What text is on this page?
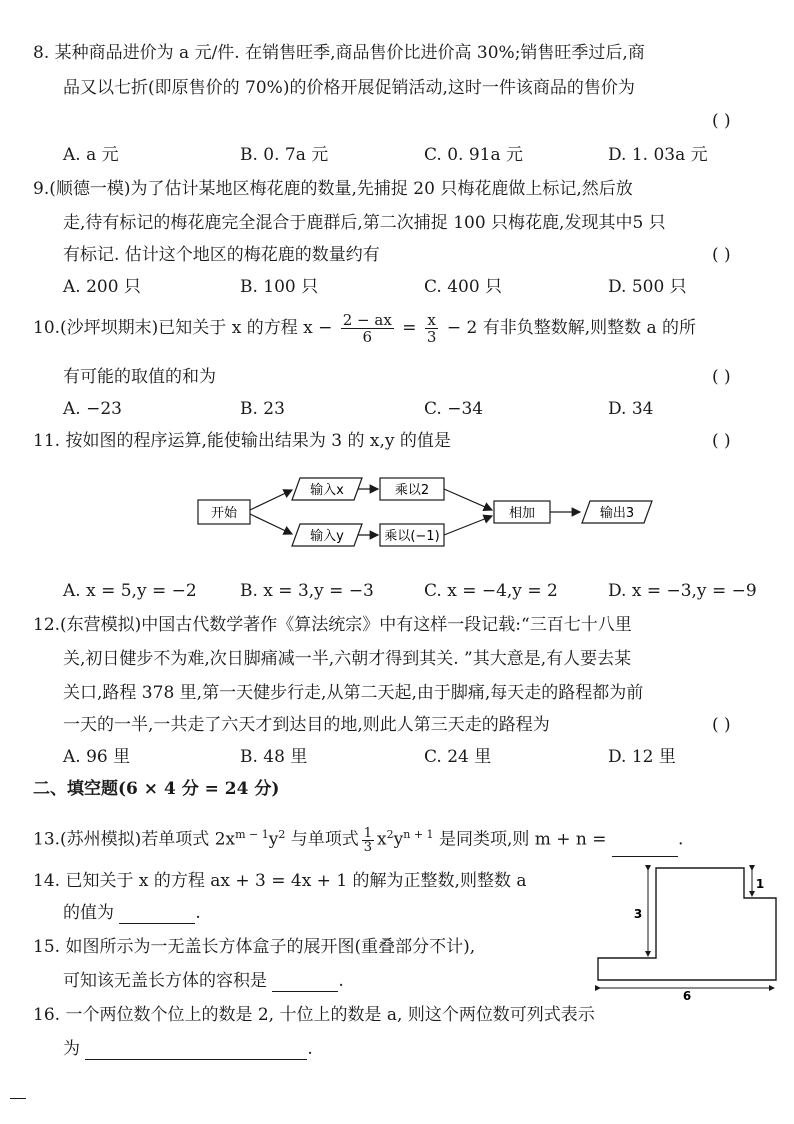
8. 某种商品进价为 a 元/件. 在销售旺季,商品售价比进价高 30%;销售旺季过后,商
品又以七折(即原售价的 70%)的价格开展促销活动,这时一件该商品的售价为
( )
A. a 元	B. 0. 7a 元	C. 0. 91a 元	D. 1. 03a 元
9.(顺德一模)为了估计某地区梅花鹿的数量,先捕捉 20 只梅花鹿做上标记,然后放
走,待有标记的梅花鹿完全混合于鹿群后,第二次捕捉 100 只梅花鹿,发现其中5 只
有标记. 估计这个地区的梅花鹿的数量约有	( )
A. 200 只	B. 100 只	C. 400 只	D. 500 只
10.(沙坪坝期末)已知关于 x 的方程 $x - \frac{2 - ax}{6} = \frac{x}{3} - 2$ 有非负整数解,则整数 a 的所
有可能的取值的和为	( )
A. −23	B. 23	C. −34	D. 34
11. 按如图的程序运算,能使输出结果为 3 的 x,y 的值是	( )
开始
输入x
输入y
乘以2
乘以(−1)
相加	输出3
A. x = 5,y = −2	B. x = 3,y = −3	C. x = −4,y = 2	D. x = −3,y = −9
12.(东营模拟)中国古代数学著作《算法统宗》中有这样一段记载:“三百七十八里
关,初日健步不为难,次日脚痛减一半,六朝才得到其关. ”其大意是,有人要去某
关口,路程 378 里,第一天健步行走,从第二天起,由于脚痛,每天走的路程都为前
一天的一半,一共走了六天才到达目的地,则此人第三天走的路程为	( )
A. 96 里	B. 48 里	C. 24 里	D. 12 里
二、填空题(6 × 4 分 = 24 分)
13.(苏州模拟)若单项式 $2x^{m - 1}y^2$ 与单项式 $\frac{1}{3} x^2y^{n + 1}$ 是同类项,则 m + n =	.
14. 已知关于 x 的方程 ax + 3 = 4x + 1 的解为正整数,则整数 a
的值为	.
15. 如图所示为一无盖长方体盒子的展开图(重叠部分不计),
可知该无盖长方体的容积是	.
3
1
6
16. 一个两位数个位上的数是 2, 十位上的数是 a, 则这个两位数可列式表示
为	.
